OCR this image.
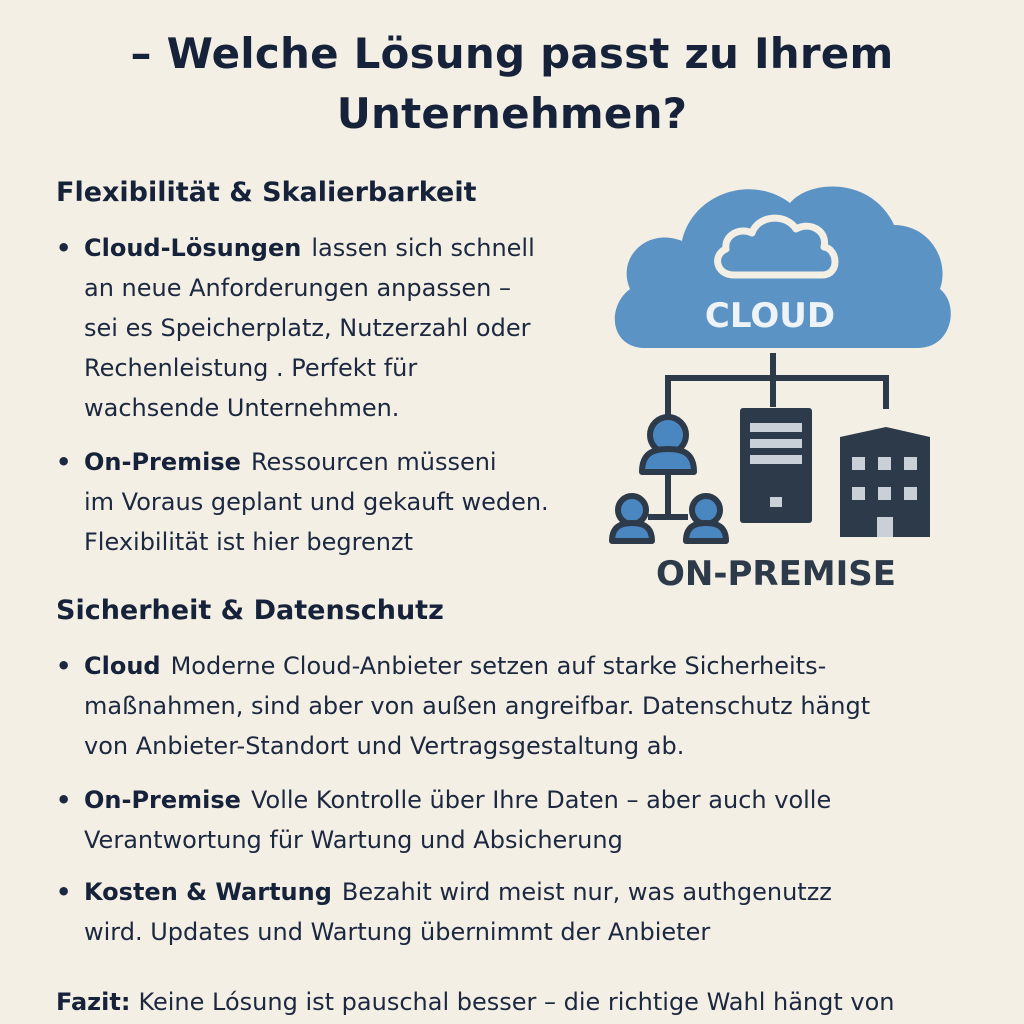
– Welche Lösung passt zu Ihrem
Unternehmen?
Flexibilität & Skalierbarkeit
• Cloud-Lösungen lassen sich schnell
an neue Anforderungen anpassen –
sei es Speicherplatz, Nutzerzahl oder
Rechenleistung . Perfekt für
wachsende Unternehmen.
• On-Premise Ressourcen müsseni
im Voraus geplant und gekauft weden.
Flexibilität ist hier begrenzt
Sicherheit & Datenschutz
• Cloud Moderne Cloud-Anbieter setzen auf starke Sicherheits-
maßnahmen, sind aber von außen angreifbar. Datenschutz hängt
von Anbieter-Standort und Vertragsgestaltung ab.
• On-Premise Volle Kontrolle über Ihre Daten – aber auch volle
Verantwortung für Wartung und Absicherung
• Kosten & Wartung Bezahit wird meist nur, was authgenutzz
wird. Updates und Wartung übernimmt der Anbieter
Fazit: Keine Lósung ist pauschal besser – die richtige Wahl hängt von
CLOUD
ON-PREMISE
